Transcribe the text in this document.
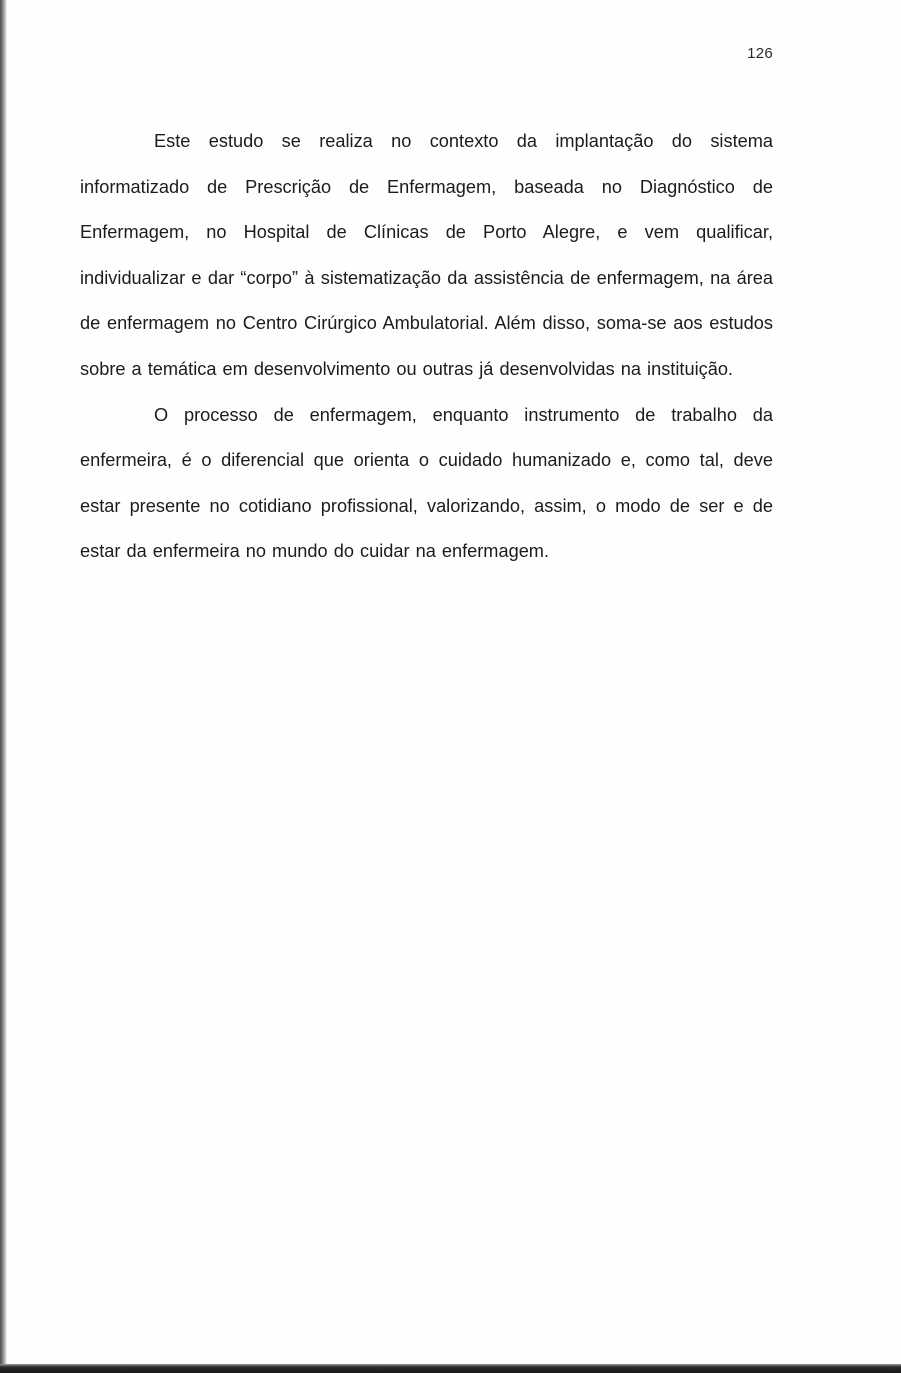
126

Este estudo se realiza no contexto da implantação do sistema informatizado de Prescrição de Enfermagem, baseada no Diagnóstico de Enfermagem, no Hospital de Clínicas de Porto Alegre, e vem qualificar, individualizar e dar “corpo” à sistematização da assistência de enfermagem, na área de enfermagem no Centro Cirúrgico Ambulatorial. Além disso, soma-se aos estudos sobre a temática em desenvolvimento ou outras já desenvolvidas na instituição.

O processo de enfermagem, enquanto instrumento de trabalho da enfermeira, é o diferencial que orienta o cuidado humanizado e, como tal, deve estar presente no cotidiano profissional, valorizando, assim, o modo de ser e de estar da enfermeira no mundo do cuidar na enfermagem.
